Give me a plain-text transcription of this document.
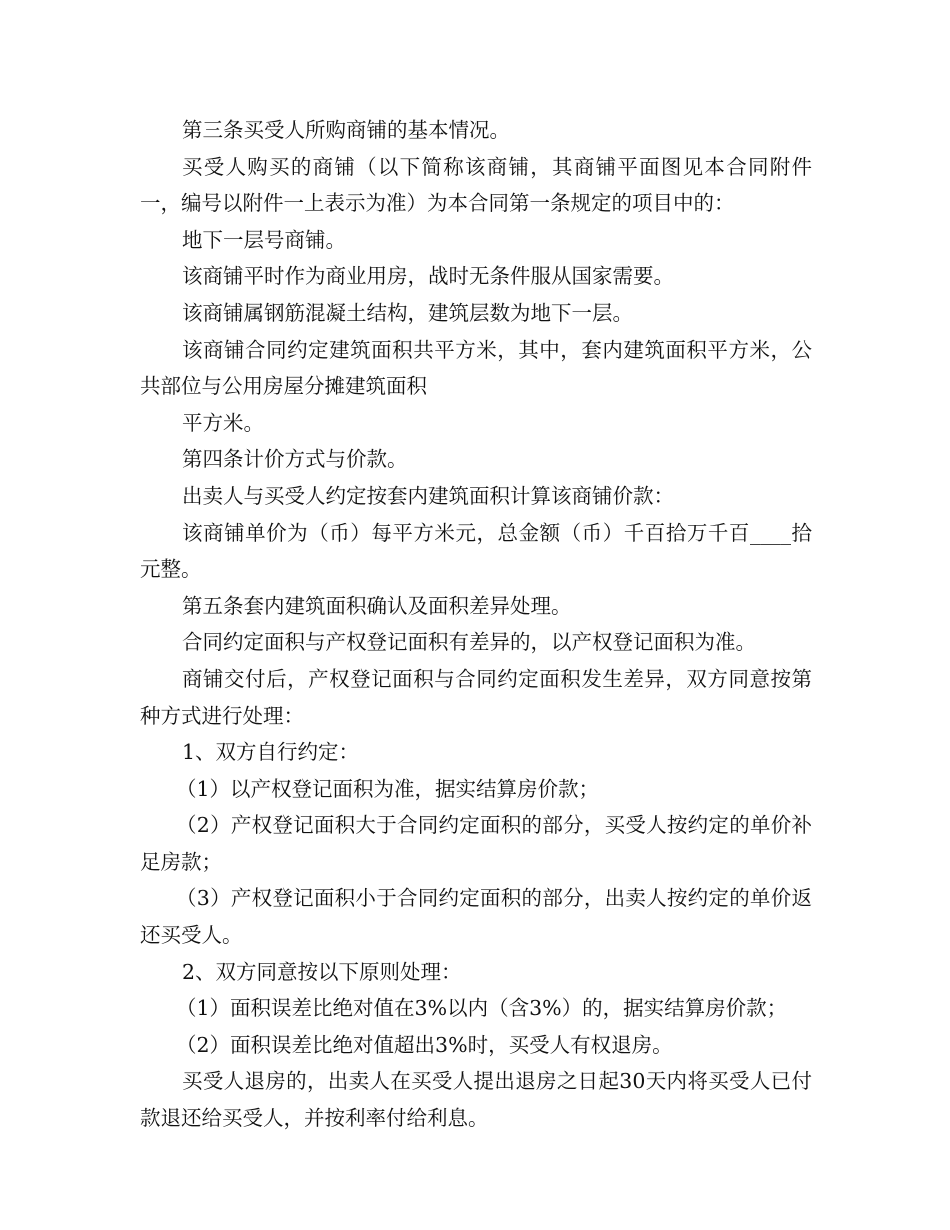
第三条买受人所购商铺的基本情况。

买受人购买的商铺（以下简称该商铺，其商铺平面图见本合同附件一，编号以附件一上表示为准）为本合同第一条规定的项目中的：

地下一层号商铺。

该商铺平时作为商业用房，战时无条件服从国家需要。

该商铺属钢筋混凝土结构，建筑层数为地下一层。

该商铺合同约定建筑面积共平方米，其中，套内建筑面积平方米，公共部位与公用房屋分摊建筑面积

平方米。

第四条计价方式与价款。

出卖人与买受人约定按套内建筑面积计算该商铺价款：

该商铺单价为（币）每平方米元，总金额（币）千百拾万千百____拾元整。

第五条套内建筑面积确认及面积差异处理。

合同约定面积与产权登记面积有差异的，以产权登记面积为准。

商铺交付后，产权登记面积与合同约定面积发生差异，双方同意按第种方式进行处理：

1、双方自行约定：

（1）以产权登记面积为准，据实结算房价款；

（2）产权登记面积大于合同约定面积的部分，买受人按约定的单价补足房款；

（3）产权登记面积小于合同约定面积的部分，出卖人按约定的单价返还买受人。

2、双方同意按以下原则处理：

（1）面积误差比绝对值在3%以内（含3%）的，据实结算房价款；

（2）面积误差比绝对值超出3%时，买受人有权退房。

买受人退房的，出卖人在买受人提出退房之日起30天内将买受人已付款退还给买受人，并按利率付给利息。
